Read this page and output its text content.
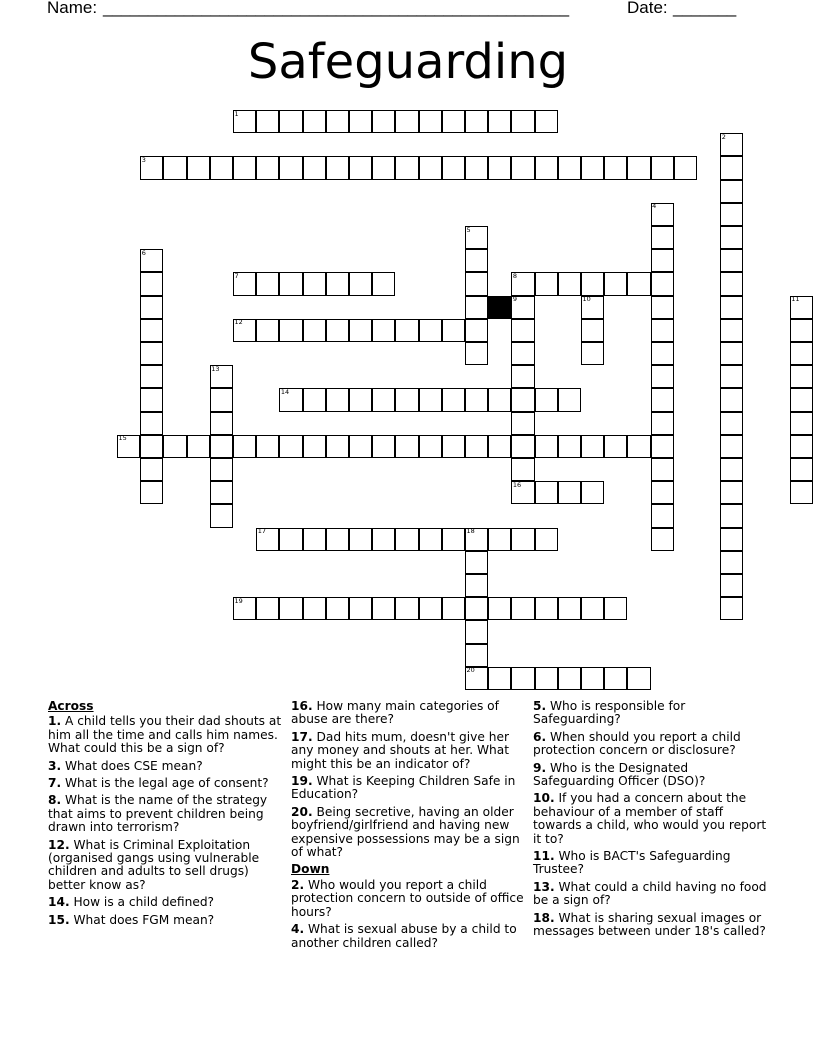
Name: ____________________________________________________	Date: _______
Safeguarding
1
2
3
4
5
6
7	8
9	10	11
12
13
14
15
16
17	18
19
20
Across
1. A child tells you their dad shouts at him all the time and calls him names. What could this be a sign of?
3. What does CSE mean?
7. What is the legal age of consent?
8. What is the name of the strategy that aims to prevent children being drawn into terrorism?
12. What is Criminal Exploitation (organised gangs using vulnerable children and adults to sell drugs) better know as?
14. How is a child defined?
15. What does FGM mean?
16. How many main categories of abuse are there?
17. Dad hits mum, doesn't give her any money and shouts at her. What might this be an indicator of?
19. What is Keeping Children Safe in Education?
20. Being secretive, having an older boyfriend/girlfriend and having new expensive possessions may be a sign of what?
Down
2. Who would you report a child protection concern to outside of office hours?
4. What is sexual abuse by a child to another children called?
5. Who is responsible for Safeguarding?
6. When should you report a child protection concern or disclosure?
9. Who is the Designated Safeguarding Officer (DSO)?
10. If you had a concern about the behaviour of a member of staff towards a child, who would you report it to?
11. Who is BACT's Safeguarding Trustee?
13. What could a child having no food be a sign of?
18. What is sharing sexual images or messages between under 18's called?
